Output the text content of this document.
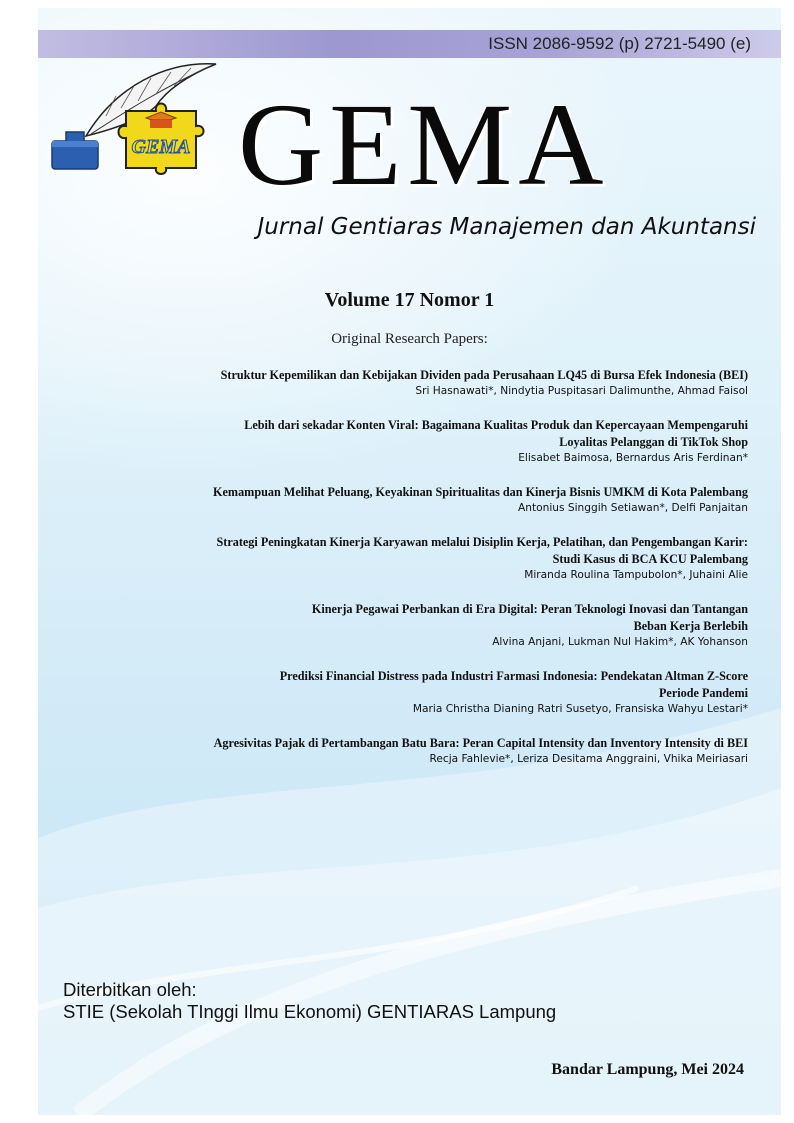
ISSN 2086-9592 (p) 2721-5490 (e)
GEMA GEMA
Jurnal Gentiaras Manajemen dan Akuntansi
Volume 17 Nomor 1
Original Research Papers:
Struktur Kepemilikan dan Kebijakan Dividen pada Perusahaan LQ45 di Bursa Efek Indonesia (BEI)
Sri Hasnawati*, Nindytia Puspitasari Dalimunthe, Ahmad Faisol
Lebih dari sekadar Konten Viral: Bagaimana Kualitas Produk dan Kepercayaan Mempengaruhi
Loyalitas Pelanggan di TikTok Shop
Elisabet Baimosa, Bernardus Aris Ferdinan*
Kemampuan Melihat Peluang, Keyakinan Spiritualitas dan Kinerja Bisnis UMKM di Kota Palembang
Antonius Singgih Setiawan*, Delfi Panjaitan
Strategi Peningkatan Kinerja Karyawan melalui Disiplin Kerja, Pelatihan, dan Pengembangan Karir:
Studi Kasus di BCA KCU Palembang
Miranda Roulina Tampubolon*, Juhaini Alie
Kinerja Pegawai Perbankan di Era Digital: Peran Teknologi Inovasi dan Tantangan
Beban Kerja Berlebih
Alvina Anjani, Lukman Nul Hakim*, AK Yohanson
Prediksi Financial Distress pada Industri Farmasi Indonesia: Pendekatan Altman Z-Score
Periode Pandemi
Maria Christha Dianing Ratri Susetyo, Fransiska Wahyu Lestari*
Agresivitas Pajak di Pertambangan Batu Bara: Peran Capital Intensity dan Inventory Intensity di BEI
Recja Fahlevie*, Leriza Desitama Anggraini, Vhika Meiriasari
Diterbitkan oleh:
STIE (Sekolah TInggi Ilmu Ekonomi) GENTIARAS Lampung
Bandar Lampung, Mei 2024
